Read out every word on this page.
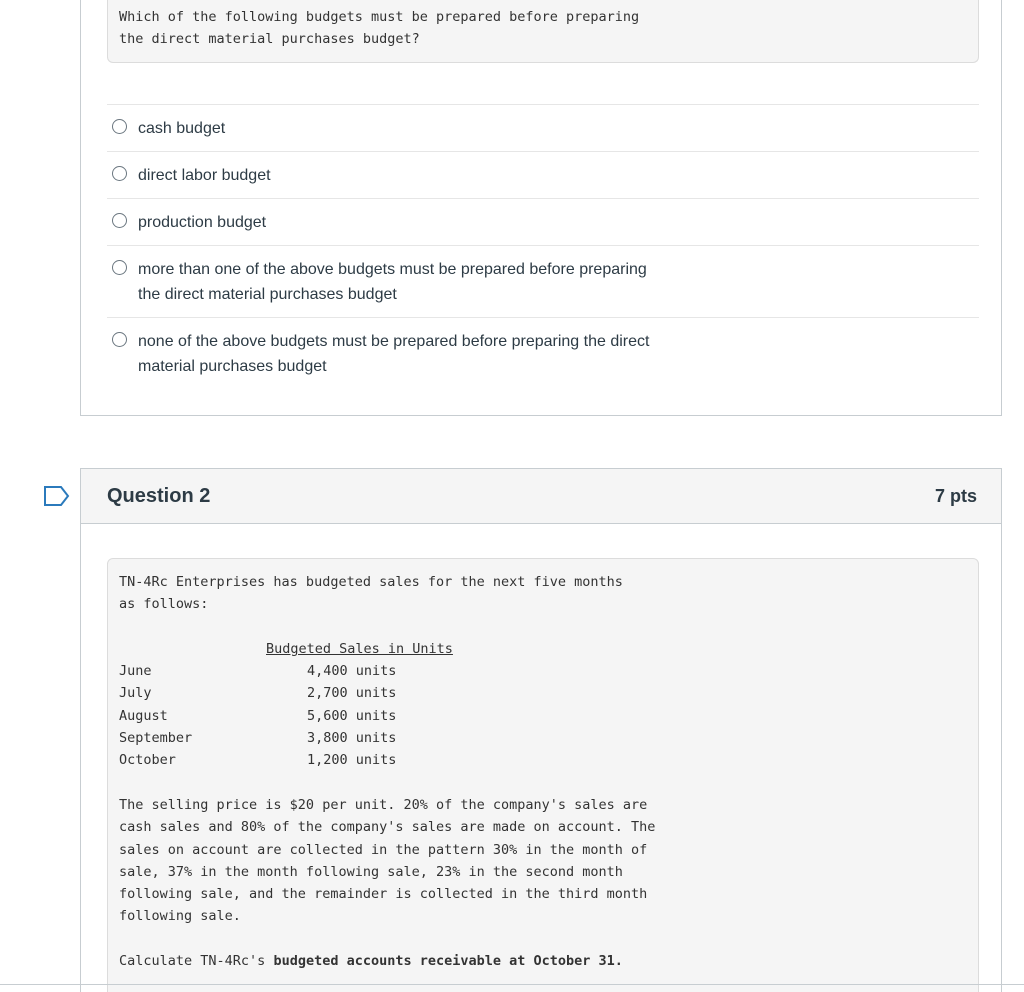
Which of the following budgets must be prepared before preparing
the direct material purchases budget?
cash budget
direct labor budget
production budget
more than one of the above budgets must be prepared before preparing
the direct material purchases budget
none of the above budgets must be prepared before preparing the direct
material purchases budget
Question 2	7 pts
TN-4Rc Enterprises has budgeted sales for the next five months
as follows:
Budgeted Sales in Units
June	4,400 units
July	2,700 units
August	5,600 units
September	3,800 units
October	1,200 units
The selling price is $20 per unit. 20% of the company's sales are
cash sales and 80% of the company's sales are made on account. The
sales on account are collected in the pattern 30% in the month of
sale, 37% in the month following sale, 23% in the second month
following sale, and the remainder is collected in the third month
following sale.
Calculate TN-4Rc's budgeted accounts receivable at October 31.
